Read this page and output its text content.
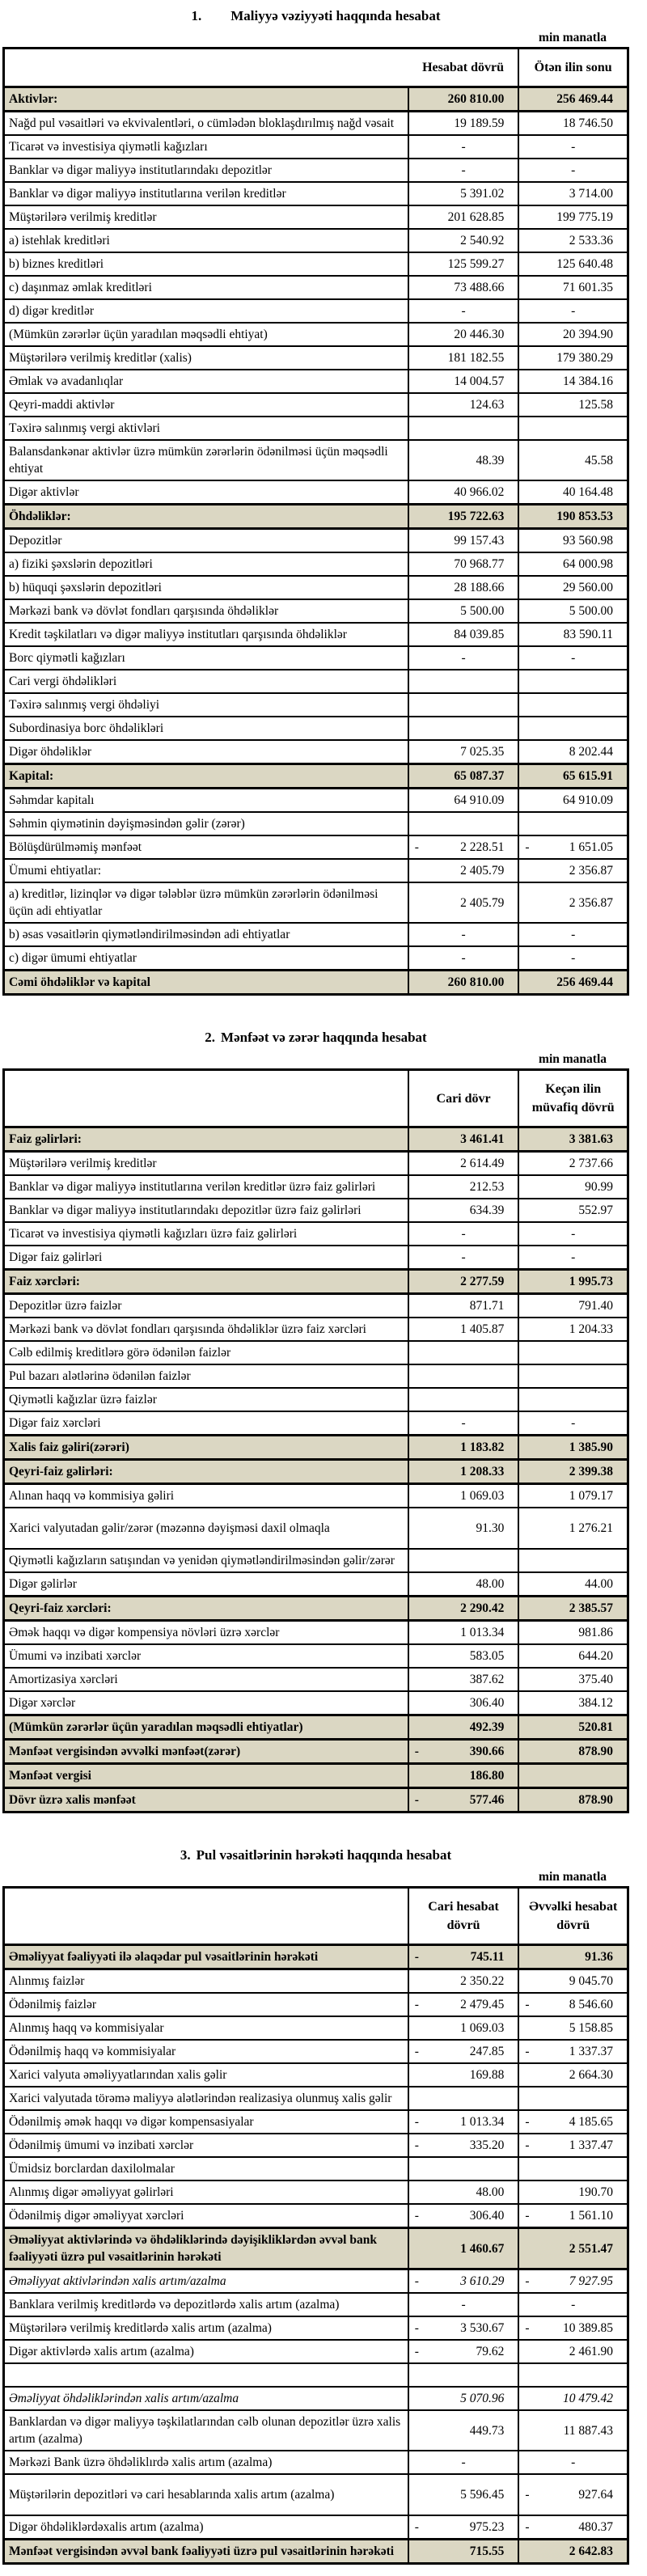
1. Maliyyə vəziyyəti haqqında hesabat
min manatla
	Hesabat dövrü	Ötən ilin sonu
Aktivlər:	260 810.00	256 469.44

Nağd pul vəsaitləri və ekvivalentləri, o cümlədən bloklaşdırılmış nağd vəsait	19 189.59	18 746.50

Ticarət və investisiya qiymətli kağızları	-	-

Banklar və digər maliyyə institutlarındakı depozitlər	-	-

Banklar və digər maliyyə institutlarına verilən kreditlər	5 391.02	3 714.00

Müştərilərə verilmiş kreditlər	201 628.85	199 775.19

a) istehlak kreditləri	2 540.92	2 533.36

b) biznes kreditləri	125 599.27	125 640.48

c) daşınmaz əmlak kreditləri	73 488.66	71 601.35

d) digər kreditlər	-	-

(Mümkün zərərlər üçün yaradılan məqsədli ehtiyat)	20 446.30	20 394.90

Müştərilərə verilmiş kreditlər (xalis)	181 182.55	179 380.29

Əmlak və avadanlıqlar	14 004.57	14 384.16

Qeyri-maddi aktivlər	124.63	125.58

Təxirə salınmış vergi aktivləri	

Balansdankənar aktivlər üzrə mümkün zərərlərin ödənilməsi üçün məqsədli ehtiyat	48.39	45.58

Digər aktivlər	40 966.02	40 164.48

Öhdəliklər:	195 722.63	190 853.53

Depozitlər	99 157.43	93 560.98

a) fiziki şəxslərin depozitləri	70 968.77	64 000.98

b) hüquqi şəxslərin depozitləri	28 188.66	29 560.00

Mərkəzi bank və dövlət fondları qarşısında öhdəliklər	5 500.00	5 500.00

Kredit təşkilatları və digər maliyyə institutları qarşısında öhdəliklər	84 039.85	83 590.11

Borc qiymətli kağızları	-	-

Cari vergi öhdəlikləri	

Təxirə salınmış vergi öhdəliyi	

Subordinasiya borc öhdəlikləri	

Digər öhdəliklər	7 025.35	8 202.44

Kapital:	65 087.37	65 615.91

Səhmdar kapitalı	64 910.09	64 910.09

Səhmin qiymətinin dəyişməsindən gəlir (zərər)	

Bölüşdürülməmiş mənfəət	- 2 228.51	- 1 651.05

Ümumi ehtiyatlar:	2 405.79	2 356.87

a) kreditlər, lizinqlər və digər tələblər üzrə mümkün zərərlərin ödənilməsi üçün adi ehtiyatlar	2 405.79	2 356.87

b) əsas vəsaitlərin qiymətləndirilməsindən adi ehtiyatlar	-	-

c) digər ümumi ehtiyatlar	-	-

Cəmi öhdəliklər və kapital	260 810.00	256 469.44
2. Mənfəət və zərər haqqında hesabat
min manatla
	Cari dövr	Keçən ilin müvafiq dövrü
Faiz gəlirləri:	3 461.41	3 381.63

Müştərilərə verilmiş kreditlər	2 614.49	2 737.66

Banklar və digər maliyyə institutlarına verilən kreditlər üzrə faiz gəlirləri	212.53	90.99

Banklar və digər maliyyə institutlarındakı depozitlər üzrə faiz gəlirləri	634.39	552.97

Ticarət və investisiya qiymətli kağızları üzrə faiz gəlirləri	-	-

Digər faiz gəlirləri	-	-

Faiz xərcləri:	2 277.59	1 995.73

Depozitlər üzrə faizlər	871.71	791.40

Mərkəzi bank və dövlət fondları qarşısında öhdəliklər üzrə faiz xərcləri	1 405.87	1 204.33

Cəlb edilmiş kreditlərə görə ödənilən faizlər	

Pul bazarı alətlərinə ödənilən faizlər	

Qiymətli kağızlar üzrə faizlər	

Digər faiz xərcləri	-	-

Xalis faiz gəliri(zərəri)	1 183.82	1 385.90

Qeyri-faiz gəlirləri:	1 208.33	2 399.38

Alınan haqq və kommisiya gəliri	1 069.03	1 079.17

Xarici valyutadan gəlir/zərər (məzənnə dəyişməsi daxil olmaqla	91.30	1 276.21

Qiymətli kağızların satışından və yenidən qiymətləndirilməsindən gəlir/zərər	

Digər gəlirlər	48.00	44.00

Qeyri-faiz xərcləri:	2 290.42	2 385.57

Əmək haqqı və digər kompensiya növləri üzrə xərclər	1 013.34	981.86

Ümumi və inzibati xərclər	583.05	644.20

Amortizasiya xərcləri	387.62	375.40

Digər xərclər	306.40	384.12

(Mümkün zərərlər üçün yaradılan məqsədli ehtiyatlar)	492.39	520.81

Mənfəət vergisindən əvvəlki mənfəət(zərər)	- 390.66	878.90

Mənfəət vergisi	186.80	

Dövr üzrə xalis mənfəət	- 577.46	878.90
3. Pul vəsaitlərinin hərəkəti haqqında hesabat
min manatla
	Cari hesabat dövrü	Əvvəlki hesabat dövrü
Əməliyyat fəaliyyəti ilə əlaqədar pul vəsaitlərinin hərəkəti	- 745.11	91.36

Alınmış faizlər	2 350.22	9 045.70

Ödənilmiş faizlər	- 2 479.45	- 8 546.60

Alınmış haqq və kommisiyalar	1 069.03	5 158.85

Ödənilmiş haqq və kommisiyalar	- 247.85	- 1 337.37

Xarici valyuta əməliyyatlarından xalis gəlir	169.88	2 664.30

Xarici valyutada törəmə maliyyə alətlərindən realizasiya olunmuş xalis gəlir	

Ödənilmiş əmək haqqı və digər kompensasiyalar	- 1 013.34	- 4 185.65

Ödənilmiş ümumi və inzibati xərclər	- 335.20	- 1 337.47

Ümidsiz borclardan daxilolmalar	

Alınmış digər əməliyyat gəlirləri	48.00	190.70

Ödənilmiş digər əməliyyat xərcləri	- 306.40	- 1 561.10

Əməliyyat aktivlərində və öhdəliklərində dəyişikliklərdən əvvəl bank fəaliyyəti üzrə pul vəsaitlərinin hərəkəti	1 460.67	2 551.47

Əməliyyat aktivlərindən xalis artım/azalma	- 3 610.29	- 7 927.95

Banklara verilmiş kreditlərdə və depozitlərdə xalis artım (azalma)	-	-

Müştərilərə verilmiş kreditlərdə xalis artım (azalma)	- 3 530.67	- 10 389.85

Digər aktivlərdə xalis artım (azalma)	- 79.62	2 461.90

Əməliyyat öhdəliklərindən xalis artım/azalma	5 070.96	10 479.42

Banklardan və digər maliyyə təşkilatlarından cəlb olunan depozitlər üzrə xalis artım (azalma)	449.73	11 887.43

Mərkəzi Bank üzrə öhdəliklırdə xalis artım (azalma)	-	-

Müştərilərin depozitləri və cari hesablarında xalis artım (azalma)	5 596.45	- 927.64

Digər öhdəliklərdəxalis artım (azalma)	- 975.23	- 480.37

Mənfəət vergisindən əvvəl bank fəaliyyəti üzrə pul vəsaitlərinin hərəkəti	715.55	2 642.83
